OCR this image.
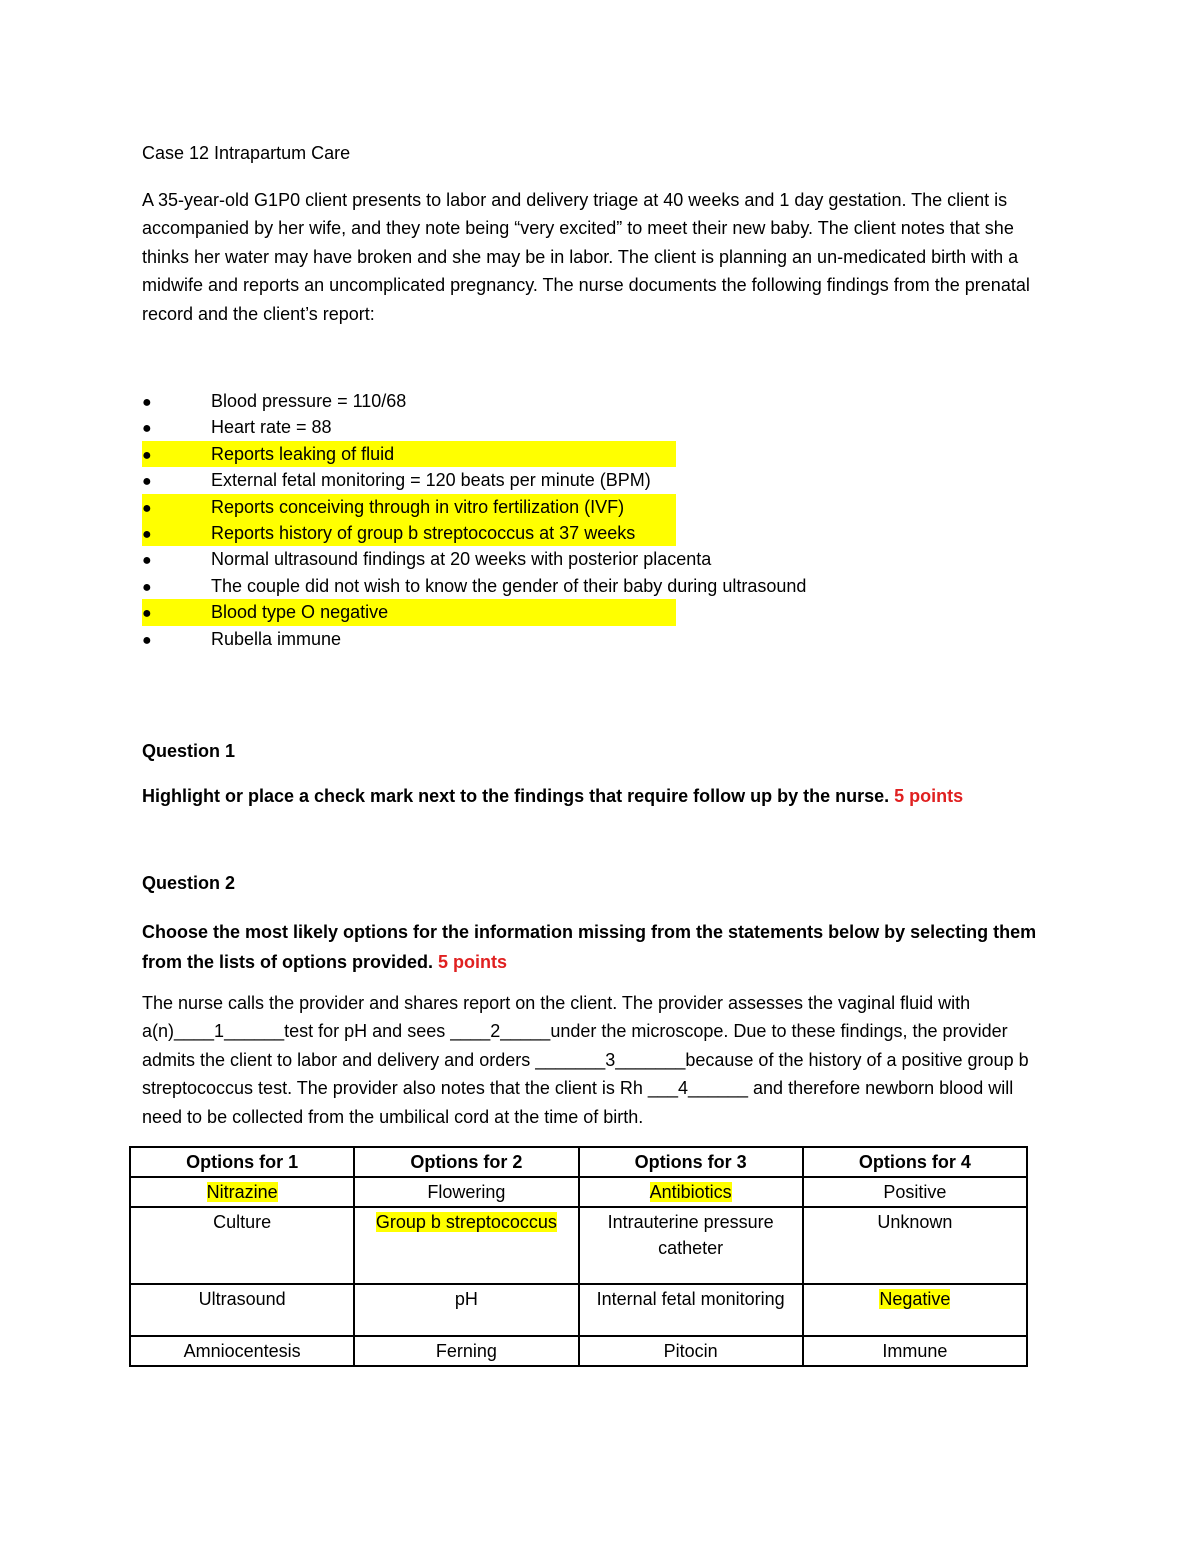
Case 12 Intrapartum Care

A 35-year-old G1P0 client presents to labor and delivery triage at 40 weeks and 1 day gestation. The client is accompanied by her wife, and they note being “very excited” to meet their new baby. The client notes that she thinks her water may have broken and she may be in labor. The client is planning an un-medicated birth with a midwife and reports an uncomplicated pregnancy. The nurse documents the following findings from the prenatal record and the client’s report:

●	Blood pressure = 110/68
●	Heart rate = 88
●	Reports leaking of fluid
●	External fetal monitoring = 120 beats per minute (BPM)
●	Reports conceiving through in vitro fertilization (IVF)
●	Reports history of group b streptococcus at 37 weeks
●	Normal ultrasound findings at 20 weeks with posterior placenta
●	The couple did not wish to know the gender of their baby during ultrasound
●	Blood type O negative
●	Rubella immune

Question 1

Highlight or place a check mark next to the findings that require follow up by the nurse. 5 points

Question 2

Choose the most likely options for the information missing from the statements below by selecting them from the lists of options provided. 5 points

The nurse calls the provider and shares report on the client. The provider assesses the vaginal fluid with a(n)____1______test for pH and sees ____2_____under the microscope. Due to these findings, the provider admits the client to labor and delivery and orders _______3_______because of the history of a positive group b streptococcus test. The provider also notes that the client is Rh ___4______ and therefore newborn blood will need to be collected from the umbilical cord at the time of birth.

Options for 1	Options for 2	Options for 3	Options for 4
Nitrazine	Flowering	Antibiotics	Positive
Culture	Group b streptococcus	Intrauterine pressure catheter	Unknown
Ultrasound	pH	Internal fetal monitoring	Negative
Amniocentesis	Ferning	Pitocin	Immune
